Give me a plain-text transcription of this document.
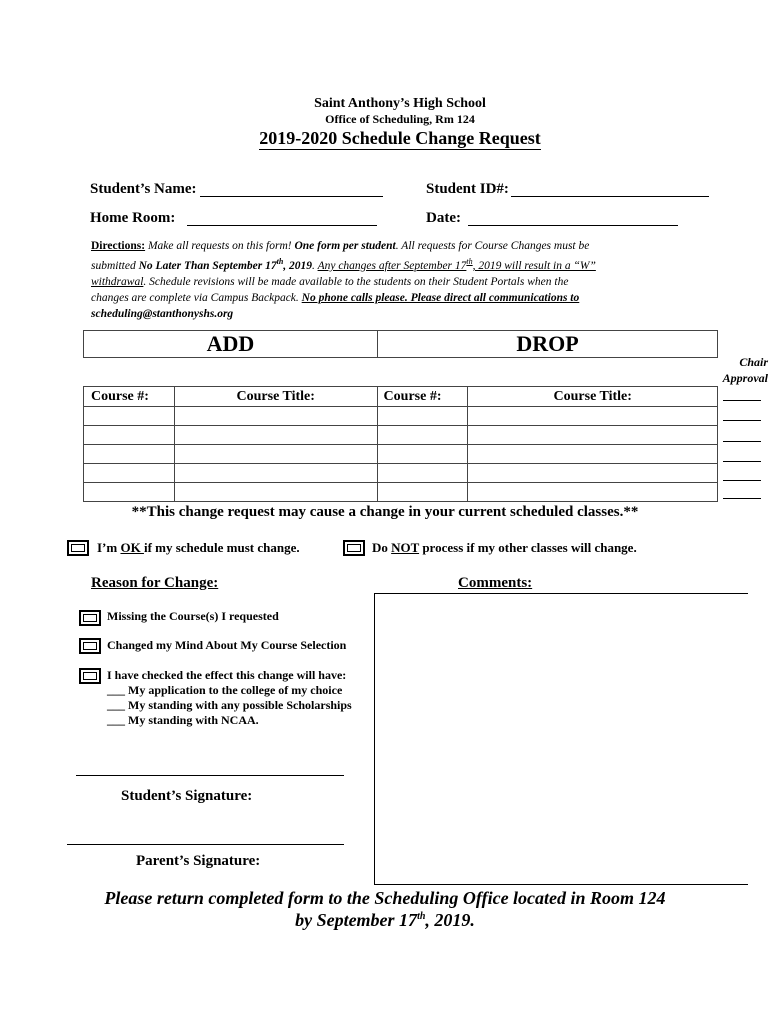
Saint Anthony’s High School
Office of Scheduling, Rm 124
2019-2020 Schedule Change Request
Student’s Name:	Student ID#:
Home Room:	Date:
Directions: Make all requests on this form! One form per student. All requests for Course Changes must be
submitted No Later Than September 17th, 2019. Any changes after September 17th, 2019 will result in a “W”
withdrawal. Schedule revisions will be made available to the students on their Student Portals when the
changes are complete via Campus Backpack. No phone calls please. Please direct all communications to
scheduling@stanthonyshs.org
ADD	DROP
Chair
Approval
Course #:	Course Title:	Course #:	Course Title:

**This change request may cause a change in your current scheduled classes.**
I’m OK if my schedule must change.	Do NOT process if my other classes will change.
Reason for Change:
Missing the Course(s) I requested
Changed my Mind About My Course Selection
I have checked the effect this change will have:
___ My application to the college of my choice
___ My standing with any possible Scholarships
___ My standing with NCAA.
Student’s Signature:
Parent’s Signature:
Comments:
Please return completed form to the Scheduling Office located in Room 124
by September 17th, 2019.
